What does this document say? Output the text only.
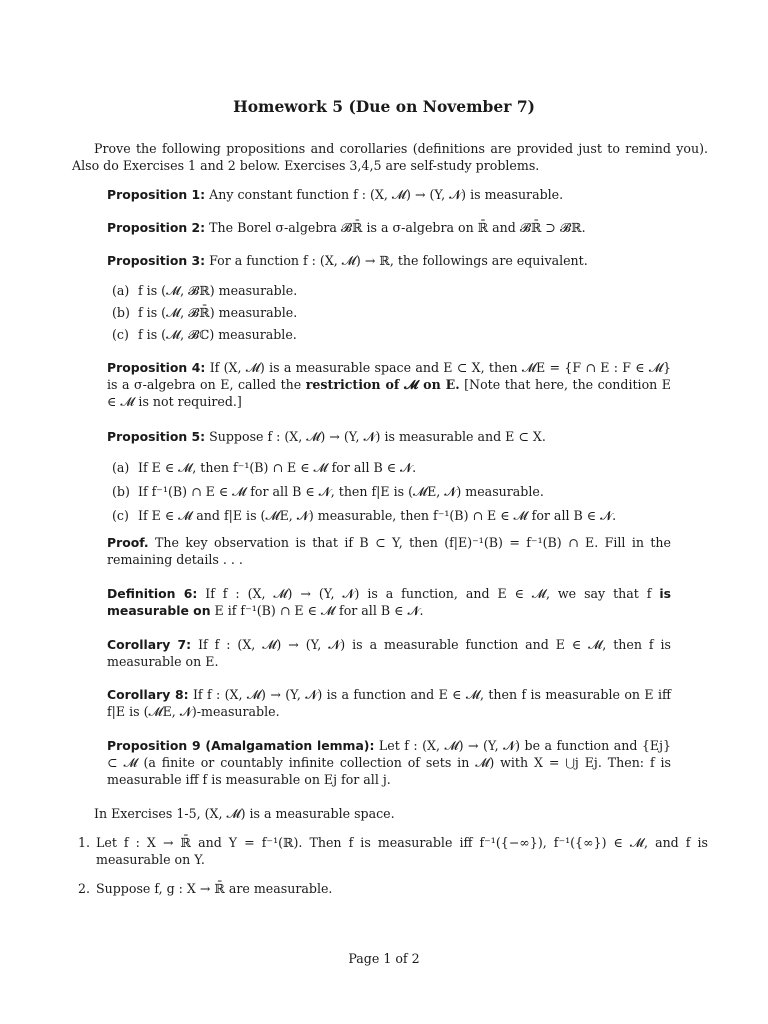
Homework 5 (Due on November 7)
Prove the following propositions and corollaries (definitions are provided just to remind you). Also do Exercises 1 and 2 below. Exercises 3,4,5 are self-study problems.
Proposition 1: Any constant function f : (X, 𝓜) → (Y, 𝓝) is measurable.
Proposition 2: The Borel σ-algebra 𝓑ℝ̄ is a σ-algebra on ℝ̄ and 𝓑ℝ̄ ⊃ 𝓑ℝ.
Proposition 3: For a function f : (X, 𝓜) → ℝ, the followings are equivalent.
(a) f is (𝓜, 𝓑ℝ) measurable.
(b) f is (𝓜, 𝓑ℝ̄) measurable.
(c) f is (𝓜, 𝓑ℂ) measurable.
Proposition 4: If (X, 𝓜) is a measurable space and E ⊂ X, then 𝓜E = {F ∩ E : F ∈ 𝓜} is a σ-algebra on E, called the restriction of 𝓜 on E. [Note that here, the condition E ∈ 𝓜 is not required.]
Proposition 5: Suppose f : (X, 𝓜) → (Y, 𝓝) is measurable and E ⊂ X.
(a) If E ∈ 𝓜, then f⁻¹(B) ∩ E ∈ 𝓜 for all B ∈ 𝓝.
(b) If f⁻¹(B) ∩ E ∈ 𝓜 for all B ∈ 𝓝, then f|E is (𝓜E, 𝓝) measurable.
(c) If E ∈ 𝓜 and f|E is (𝓜E, 𝓝) measurable, then f⁻¹(B) ∩ E ∈ 𝓜 for all B ∈ 𝓝.
Proof. The key observation is that if B ⊂ Y, then (f|E)⁻¹(B) = f⁻¹(B) ∩ E. Fill in the remaining details . . .
Definition 6: If f : (X, 𝓜) → (Y, 𝓝) is a function, and E ∈ 𝓜, we say that f is measurable on E if f⁻¹(B) ∩ E ∈ 𝓜 for all B ∈ 𝓝.
Corollary 7: If f : (X, 𝓜) → (Y, 𝓝) is a measurable function and E ∈ 𝓜, then f is measurable on E.
Corollary 8: If f : (X, 𝓜) → (Y, 𝓝) is a function and E ∈ 𝓜, then f is measurable on E iff f|E is (𝓜E, 𝓝)-measurable.
Proposition 9 (Amalgamation lemma): Let f : (X, 𝓜) → (Y, 𝓝) be a function and {Ej} ⊂ 𝓜 (a finite or countably infinite collection of sets in 𝓜) with X = ⋃j Ej. Then: f is measurable iff f is measurable on Ej for all j.
In Exercises 1-5, (X, 𝓜) is a measurable space.
1. Let f : X → ℝ̄ and Y = f⁻¹(ℝ). Then f is measurable iff f⁻¹({−∞}), f⁻¹({∞}) ∈ 𝓜, and f is measurable on Y.
2. Suppose f, g : X → ℝ̄ are measurable.
Page 1 of 2
